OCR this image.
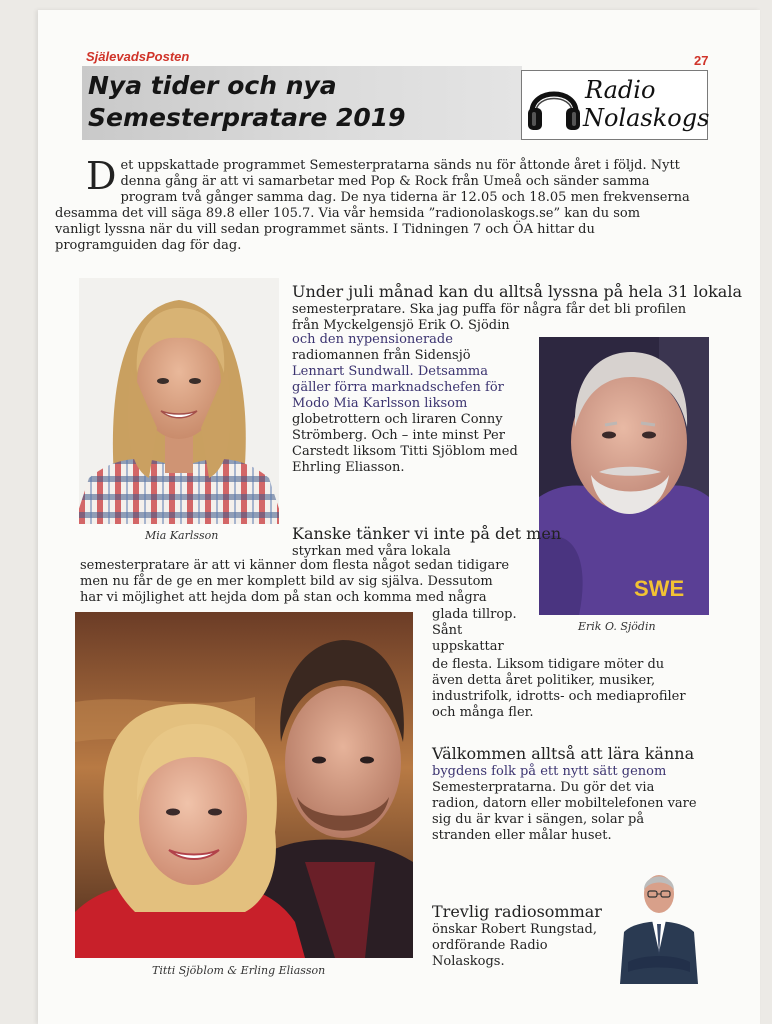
SjälevadsPosten	27
Nya tider och nya
Semesterpratare 2019
Radio
Nolaskogs
D et uppskattade programmet Semesterpratarna sänds nu för åttonde året i följd. Nytt
denna gång är att vi samarbetar med Pop & Rock från Umeå och sänder samma
program två gånger samma dag. De nya tiderna är 12.05 och 18.05 men frekvenserna
desamma det vill säga 89.8 eller 105.7. Via vår hemsida ”radionolaskogs.se” kan du som
vanligt lyssna när du vill sedan programmet sänts. I Tidningen 7 och ÖA hittar du
programguiden dag för dag.
Mia Karlsson
Under juli månad kan du alltså lyssna på hela 31 lokala
semesterpratare. Ska jag puffa för några får det bli profilen
från Myckelgensjö Erik O. Sjödin
och den nypensionerade
radiomannen från Sidensjö
Lennart Sundwall. Detsamma
gäller förra marknadschefen för
Modo Mia Karlsson liksom
globetrottern och lirаren Conny
Strömberg. Och – inte minst Per
Carstedt liksom Titti Sjöblom med
Ehrling Eliasson.
SWE
Erik O. Sjödin
Kanske tänker vi inte på det men
styrkan med våra lokala
semesterpratare är att vi känner dom flesta något sedan tidigare
men nu får de ge en mer komplett bild av sig själva. Dessutom
har vi möjlighet att hejda dom på stan och komma med några
glada tillrop.
Sånt
uppskattar
de flesta. Liksom tidigare möter du
även detta året politiker, musiker,
industrifolk, idrotts- och mediaprofiler
och många fler.
Titti Sjöblom & Erling Eliasson
Välkommen alltså att lära känna
bygdens folk på ett nytt sätt genom
Semesterpratarna. Du gör det via
radion, datorn eller mobiltelefonen vare
sig du är kvar i sängen, solar på
stranden eller målar huset.
Trevlig radiosommar
önskar Robert Rungstad,
ordförande Radio
Nolaskogs.
